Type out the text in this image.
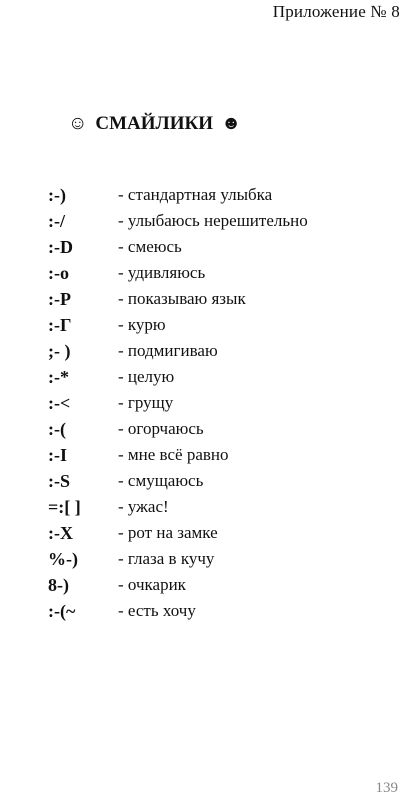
Приложение № 8
☺ СМАЙЛИКИ ☻
:-)	- стандартная улыбка
:-/	- улыбаюсь нерешительно
:-D	- смеюсь
:-o	- удивляюсь
:-P	- показываю язык
:-Г	- курю
;- )	- подмигиваю
:-*	- целую
:-<	- грущу
:-(	- огорчаюсь
:-I	- мне всё равно
:-S	- смущаюсь
=:[ ]	- ужас!
:-X	- рот на замке
%-)	- глаза в кучу
8-)	- очкарик
:-(~	- есть хочу
139
